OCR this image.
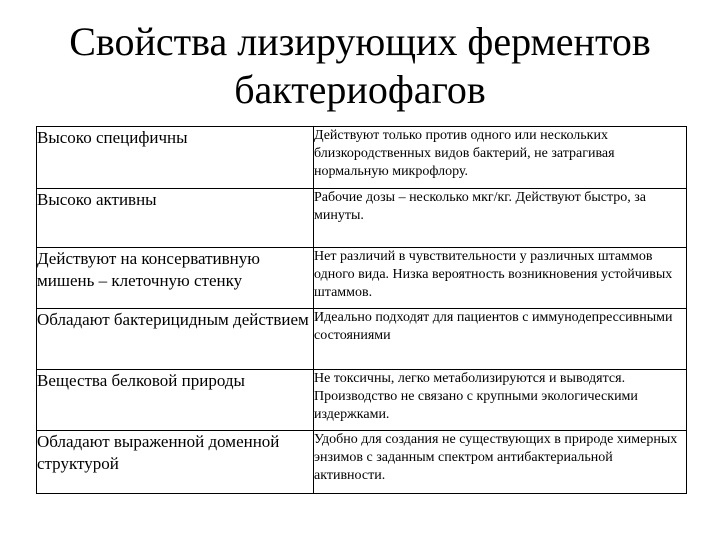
Свойства лизирующих ферментов
бактериофагов
Высоко специфичны	Действуют только против одного или нескольких близкородственных видов бактерий, не затрагивая нормальную микрофлору.
Высоко активны	Рабочие дозы – несколько мкг/кг. Действуют быстро, за минуты.
Действуют на консервативную мишень – клеточную стенку	Нет различий в чувствительности у различных штаммов одного вида. Низка вероятность возникновения устойчивых штаммов.
Обладают бактерицидным действием	Идеально подходят для пациентов с иммунодепрессивными состояниями
Вещества белковой природы	Не токсичны, легко метаболизируются и выводятся. Производство не связано с крупными экологическими издержками.
Обладают выраженной доменной структурой	Удобно для создания не существующих в природе химерных энзимов с заданным спектром антибактериальной активности.
